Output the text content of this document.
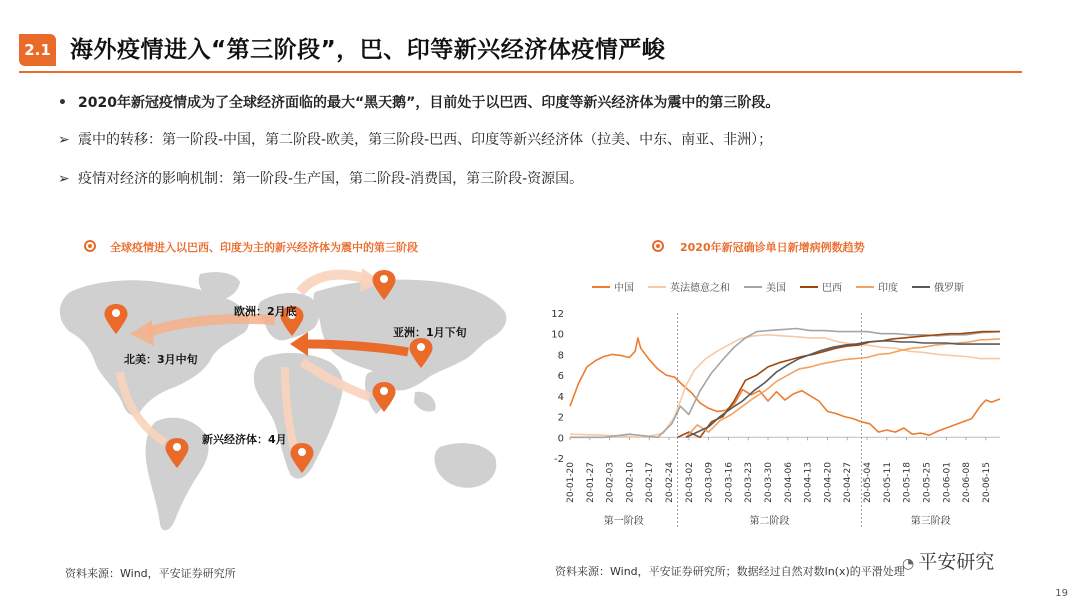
2.1 海外疫情进入“第三阶段”，巴、印等新兴经济体疫情严峻
• 2020年新冠疫情成为了全球经济面临的最大“黑天鹅”，目前处于以巴西、印度等新兴经济体为震中的第三阶段。
➢ 震中的转移：第一阶段-中国，第二阶段-欧美，第三阶段-巴西、印度等新兴经济体（拉美、中东、南亚、非洲）；
➢ 疫情对经济的影响机制：第一阶段-生产国，第二阶段-消费国，第三阶段-资源国。
全球疫情进入以巴西、印度为主的新兴经济体为震中的第三阶段
欧洲：2月底
亚洲：1月下旬
北美：3月中旬
新兴经济体：4月
资料来源：Wind，平安证券研究所
2020年新冠确诊单日新增病例数趋势
中国	英法德意之和	美国	巴西	印度	俄罗斯
-2
0
2
4
6
8
10
12
20-01-20 20-01-27 20-02-03 20-02-10 20-02-17 20-02-24 20-03-02 20-03-09 20-03-16 20-03-23 20-03-30 20-04-06 20-04-13 20-04-20 20-04-27 20-05-04 20-05-11 20-05-18 20-05-25 20-06-01 20-06-08 20-06-15
第一阶段	第二阶段	第三阶段
资料来源：Wind，平安证券研究所；数据经过自然对数ln(x)的平滑处理
◔ 平安研究
19
